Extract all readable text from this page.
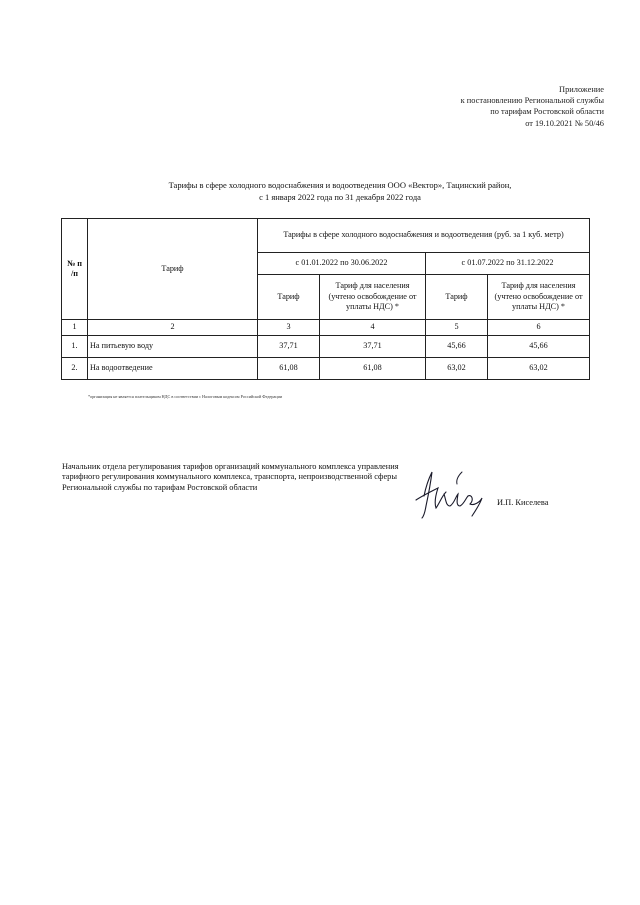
Приложение
к постановлению Региональной службы
по тарифам Ростовской области
от 19.10.2021 № 50/46
Тарифы в сфере холодного водоснабжения и водоотведения ООО «Вектор», Тацинский район,
с 1 января 2022 года по 31 декабря 2022 года
№ п /п	Тариф	Тарифы в сфере холодного водоснабжения и водоотведения (руб. за 1 куб. метр)			
		с 01.01.2022 по 30.06.2022		с 01.07.2022 по 31.12.2022	
		Тариф	Тариф для населения (учтено освобождение от уплаты НДС) *	Тариф	Тариф для населения (учтено освобождение от уплаты НДС) *
1	2	3	4	5	6
1.	На питьевую воду	37,71	37,71	45,66	45,66
2.	На водоотведение	61,08	61,08	63,02	63,02
*организация не является плательщиком НДС в соответствии с Налоговым кодексом Российской Федерации
Начальник отдела регулирования тарифов организаций коммунального комплекса управления тарифного регулирования коммунального комплекса, транспорта, непроизводственной сферы Региональной службы по тарифам Ростовской области
И.П. Киселева
